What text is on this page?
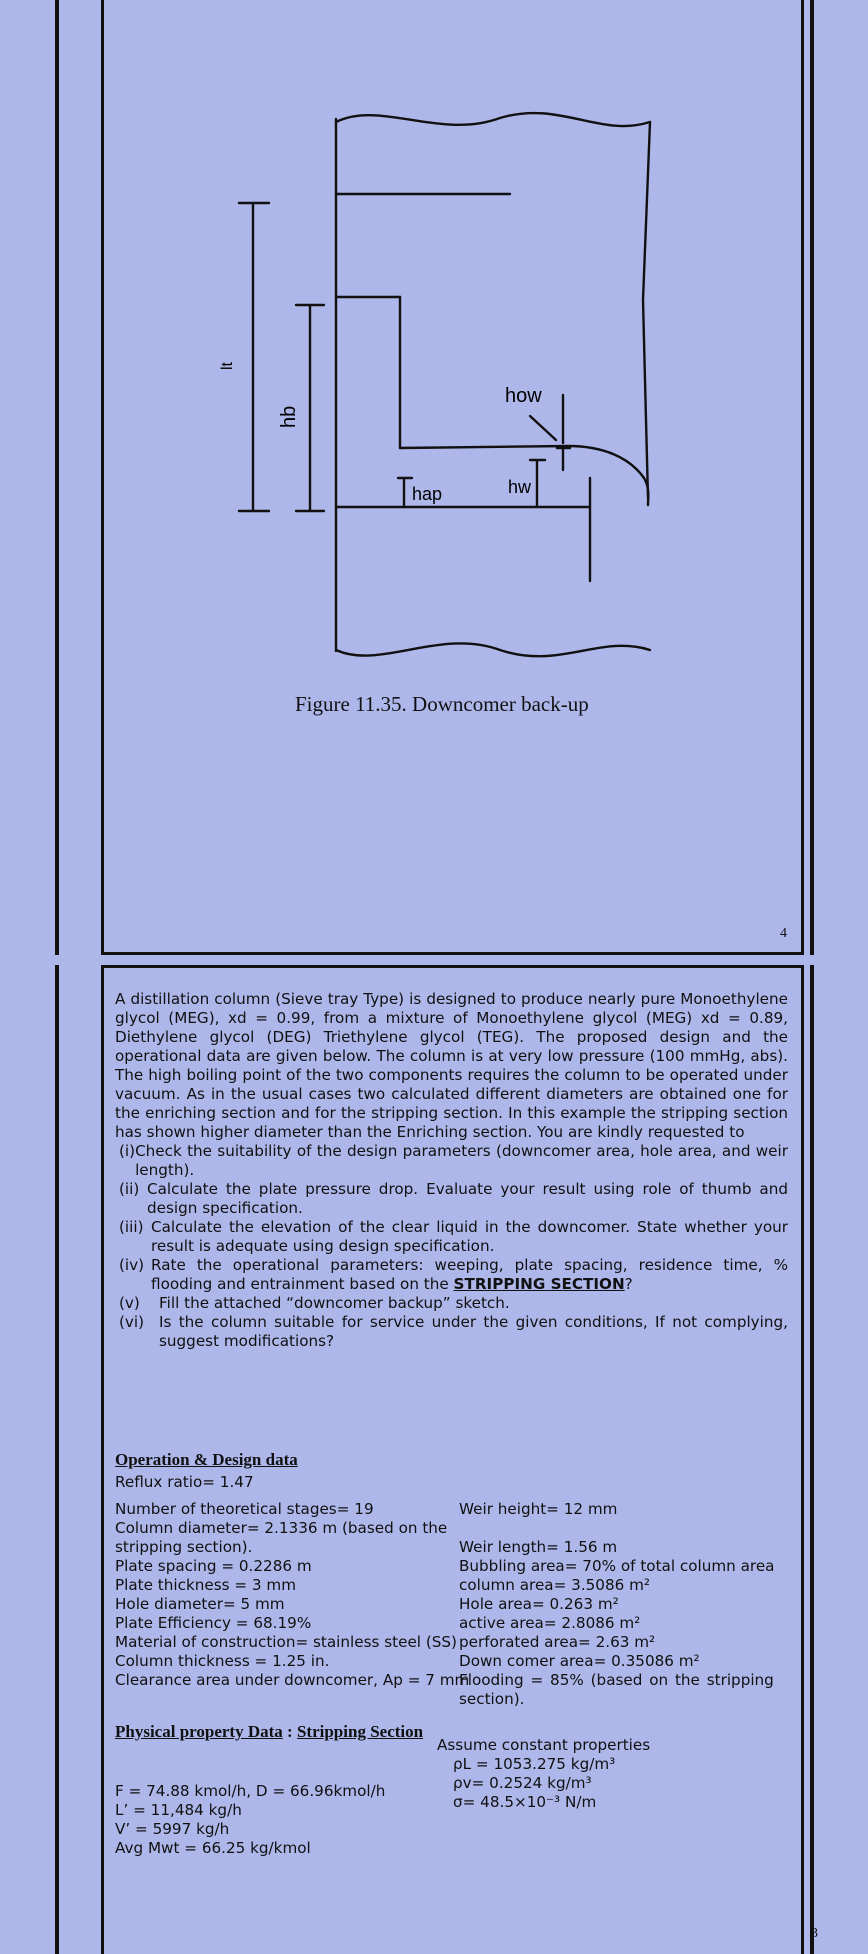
lt
hb
hap	hw
how
Figure 11.35. Downcomer back-up
4

A distillation column (Sieve tray Type) is designed to produce nearly pure Monoethylene glycol (MEG), xd = 0.99, from a mixture of Monoethylene glycol (MEG) xd = 0.89, Diethylene glycol (DEG) Triethylene glycol (TEG). The proposed design and the operational data are given below. The column is at very low pressure (100 mmHg, abs). The high boiling point of the two components requires the column to be operated under vacuum. As in the usual cases two calculated different diameters are obtained one for the enriching section and for the stripping section. In this example the stripping section has shown higher diameter than the Enriching section. You are kindly requested to

(i) Check the suitability of the design parameters (downcomer area, hole area, and weir length).
(ii) Calculate the plate pressure drop. Evaluate your result using role of thumb and design specification.
(iii) Calculate the elevation of the clear liquid in the downcomer. State whether your result is adequate using design specification.
(iv) Rate the operational parameters: weeping, plate spacing, residence time, % flooding and entrainment based on the STRIPPING SECTION?
(v)	Fill the attached “downcomer backup” sketch.
(vi) Is the column suitable for service under the given conditions, If not complying, suggest modifications?
Operation & Design data
Reflux ratio= 1.47
Number of theoretical stages= 19
Column diameter= 2.1336 m (based on the
stripping section).
Plate spacing = 0.2286 m
Plate thickness = 3 mm
Hole diameter= 5 mm
Plate Efficiency = 68.19%
Material of construction= stainless steel (SS)
Column thickness = 1.25 in.
Clearance area under downcomer, Ap = 7 mm
Weir height= 12 mm
Weir length= 1.56 m
Bubbling area= 70% of total column area
column area= 3.5086 m²
Hole area= 0.263 m²
active area= 2.8086 m²
perforated area= 2.63 m²
Down comer area= 0.35086 m²
Flooding = 85% (based on the stripping
section).
Physical property Data : Stripping Section
Assume constant properties
ρL = 1053.275 kg/m³
ρv= 0.2524 kg/m³
σ= 48.5×10⁻³ N/m
F = 74.88 kmol/h, D = 66.96kmol/h
L’ = 11,484 kg/h
V’ = 5997 kg/h
Avg Mwt = 66.25 kg/kmol
3
